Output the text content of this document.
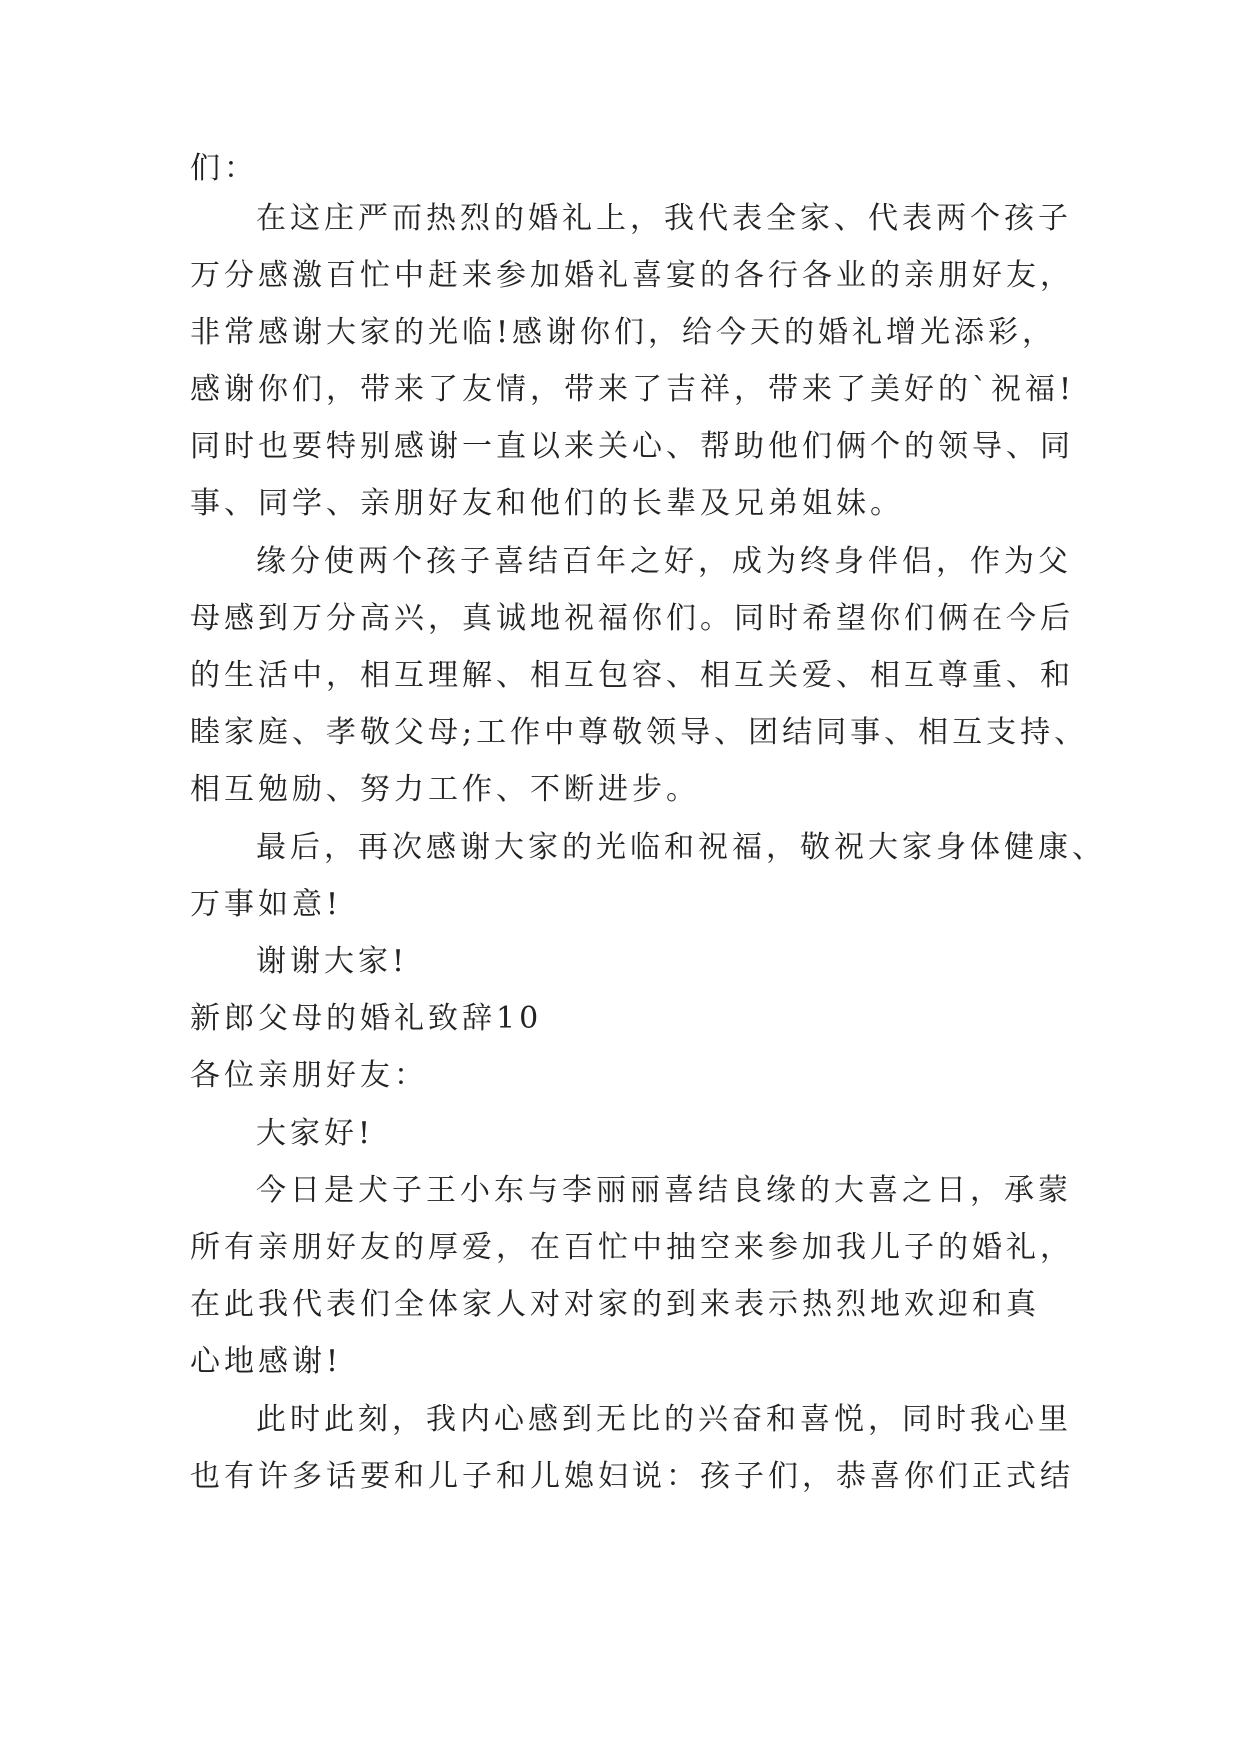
们：
在这庄严而热烈的婚礼上，我代表全家、代表两个孩子
万分感激百忙中赶来参加婚礼喜宴的各行各业的亲朋好友，
非常感谢大家的光临!感谢你们，给今天的婚礼增光添彩，
感谢你们，带来了友情，带来了吉祥，带来了美好的`祝福!
同时也要特别感谢一直以来关心、帮助他们俩个的领导、同
事、同学、亲朋好友和他们的长辈及兄弟姐妹。
缘分使两个孩子喜结百年之好，成为终身伴侣，作为父
母感到万分高兴，真诚地祝福你们。同时希望你们俩在今后
的生活中，相互理解、相互包容、相互关爱、相互尊重、和
睦家庭、孝敬父母;工作中尊敬领导、团结同事、相互支持、
相互勉励、努力工作、不断进步。
最后，再次感谢大家的光临和祝福，敬祝大家身体健康、
万事如意!
谢谢大家!
新郎父母的婚礼致辞10
各位亲朋好友：
大家好!
今日是犬子王小东与李丽丽喜结良缘的大喜之日，承蒙
所有亲朋好友的厚爱，在百忙中抽空来参加我儿子的婚礼，
在此我代表们全体家人对对家的到来表示热烈地欢迎和真
心地感谢!
此时此刻，我内心感到无比的兴奋和喜悦，同时我心里
也有许多话要和儿子和儿媳妇说：孩子们，恭喜你们正式结
